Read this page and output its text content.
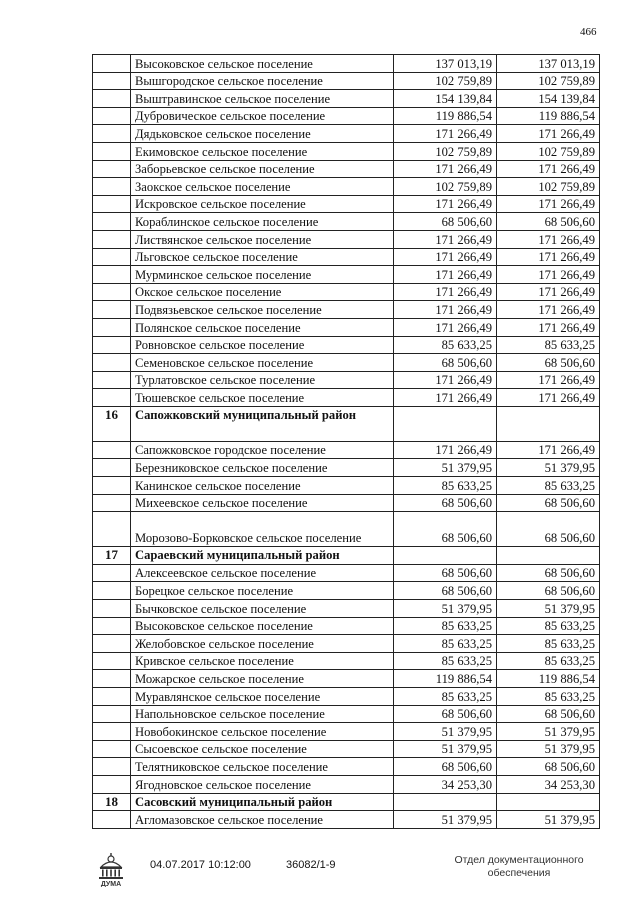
466
	Высоковское сельское поселение	137 013,19	137 013,19
	Вышгородское сельское поселение	102 759,89	102 759,89
	Выштравинское сельское поселение	154 139,84	154 139,84
	Дубровическое сельское поселение	119 886,54	119 886,54
	Дядьковское сельское поселение	171 266,49	171 266,49
	Екимовское сельское поселение	102 759,89	102 759,89
	Заборьевское сельское поселение	171 266,49	171 266,49
	Заокское сельское поселение	102 759,89	102 759,89
	Искровское сельское поселение	171 266,49	171 266,49
	Кораблинское сельское поселение	68 506,60	68 506,60
	Листвянское сельское поселение	171 266,49	171 266,49
	Льговское сельское поселение	171 266,49	171 266,49
	Мурминское сельское поселение	171 266,49	171 266,49
	Окское сельское поселение	171 266,49	171 266,49
	Подвязьевское сельское поселение	171 266,49	171 266,49
	Полянское сельское поселение	171 266,49	171 266,49
	Ровновское сельское поселение	85 633,25	85 633,25
	Семеновское сельское поселение	68 506,60	68 506,60
	Турлатовское сельское поселение	171 266,49	171 266,49
	Тюшевское сельское поселение	171 266,49	171 266,49
16	Сапожковский муниципальный район		
	Сапожковское городское поселение	171 266,49	171 266,49
	Березниковское сельское поселение	51 379,95	51 379,95
	Канинское сельское поселение	85 633,25	85 633,25
	Михеевское сельское поселение	68 506,60	68 506,60
	Морозово-Борковское сельское поселение	68 506,60	68 506,60
17	Сараевский муниципальный район		
	Алексеевское сельское поселение	68 506,60	68 506,60
	Борецкое сельское поселение	68 506,60	68 506,60
	Бычковское сельское поселение	51 379,95	51 379,95
	Высоковское сельское поселение	85 633,25	85 633,25
	Желобовское сельское поселение	85 633,25	85 633,25
	Кривское сельское поселение	85 633,25	85 633,25
	Можарское сельское поселение	119 886,54	119 886,54
	Муравлянское сельское поселение	85 633,25	85 633,25
	Напольновское сельское поселение	68 506,60	68 506,60
	Новобокинское сельское поселение	51 379,95	51 379,95
	Сысоевское сельское поселение	51 379,95	51 379,95
	Телятниковское сельское поселение	68 506,60	68 506,60
	Ягодновское сельское поселение	34 253,30	34 253,30
18	Сасовский муниципальный район		
	Агломазовское сельское поселение	51 379,95	51 379,95
ДУМА
04.07.2017 10:12:00	36082/1-9	Отдел документационного
обеспечения
